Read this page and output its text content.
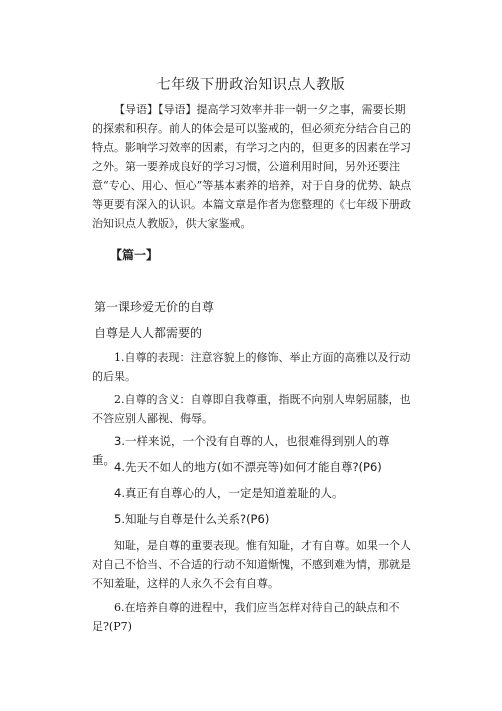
七年级下册政治知识点人教版

【导语】【导语】提高学习效率并非一朝一夕之事，需要长期的探索和积存。前人的体会是可以鉴戒的，但必须充分结合自己的特点。影响学习效率的因素，有学习之内的，但更多的因素在学习之外。第一要养成良好的学习习惯，公道利用时间，另外还要注意“专心、用心、恒心”等基本素养的培养，对于自身的优势、缺点等更要有深入的认识。本篇文章是作者为您整理的《七年级下册政治知识点人教版》，供大家鉴戒。

【篇一】

第一课珍爱无价的自尊

自尊是人人都需要的

1.自尊的表现：注意容貌上的修饰、举止方面的高雅以及行动的后果。

2.自尊的含义：自尊即自我尊重，指既不向别人卑躬屈膝，也不答应别人鄙视、侮辱。

3.一样来说，一个没有自尊的人，也很难得到别人的尊重。 4.先天不如人的地方(如不漂亮等)如何才能自尊?(P6)

4.真正有自尊心的人，一定是知道羞耻的人。

5.知耻与自尊是什么关系?(P6)

知耻，是自尊的重要表现。惟有知耻，才有自尊。如果一个人对自己不恰当、不合适的行动不知道惭愧，不感到难为情，那就是不知羞耻，这样的人永久不会有自尊。

6.在培养自尊的进程中，我们应当怎样对待自己的缺点和不足?(P7)
